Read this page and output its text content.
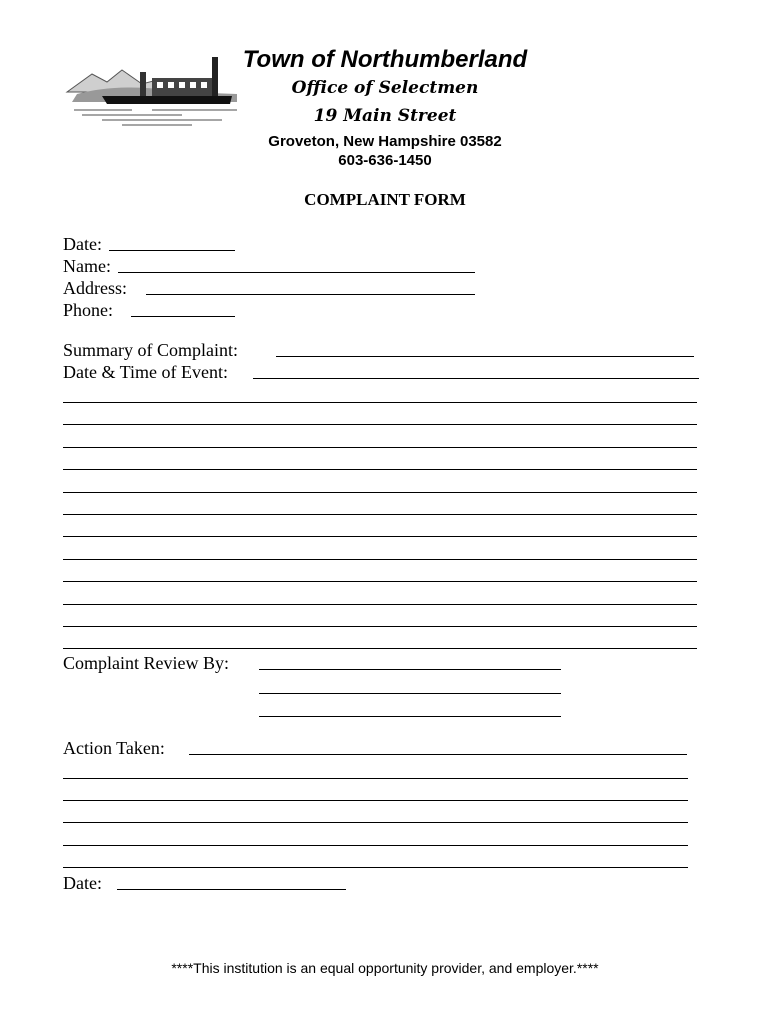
Town of Northumberland
Office of Selectmen
19 Main Street
Groveton, New Hampshire 03582
603-636-1450
COMPLAINT FORM
Date:
Name:
Address:
Phone:
Summary of Complaint:
Date & Time of Event:
Complaint Review By:
Action Taken:
Date:
****This institution is an equal opportunity provider, and employer.****
